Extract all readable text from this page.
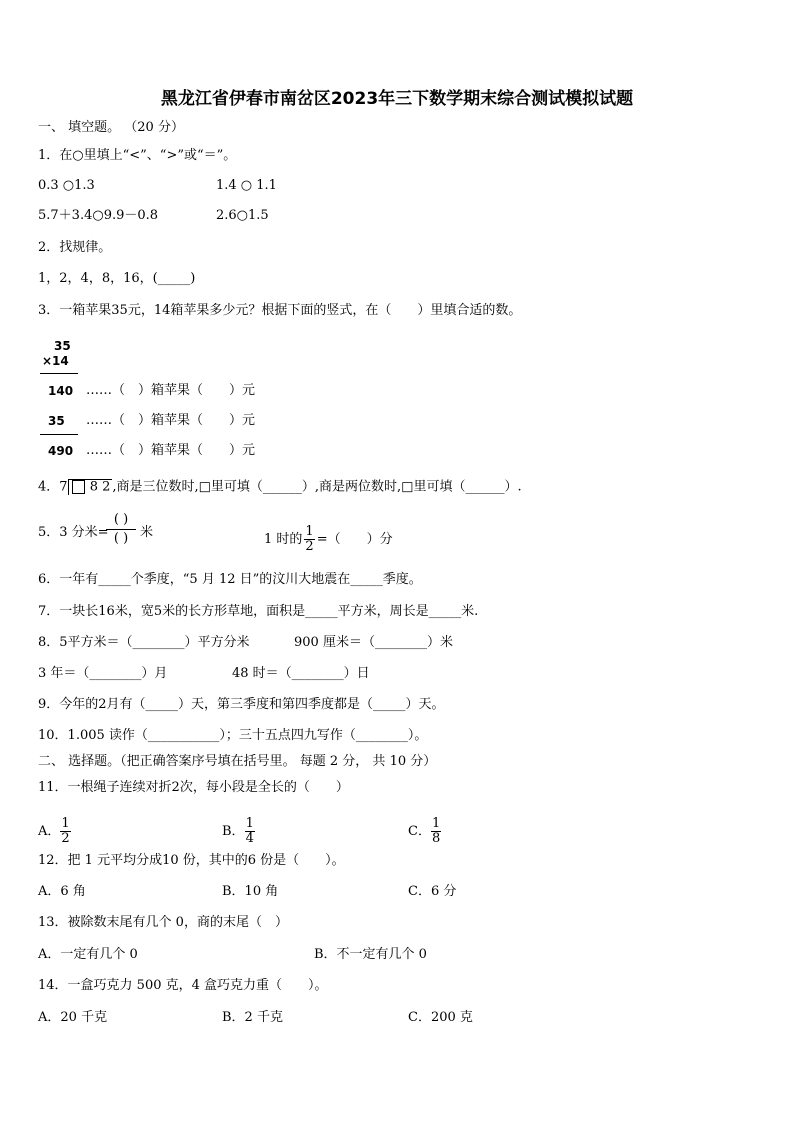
黑龙江省伊春市南岔区2023年三下数学期末综合测试模拟试题
一、 填空题。 （20 分）
1．在○里填上“<”、“>”或“＝”。
0.3 ○1.3	1.4 ○ 1.1
5.7＋3.4○9.9－0.8	2.6○1.5
2．找规律。
1，2，4，8，16，(_____)
3．一箱苹果35元，14箱苹果多少元？根据下面的竖式，在（　　）里填合适的数。
35
×14
140 ……（　）箱苹果（　　）元
35 ……（　）箱苹果（　　）元
490 ……（　）箱苹果（　　）元
4．7 8 2 ,商是三位数时,□里可填（______）,商是两位数时,□里可填（______）.
5．3 分米=
( )
( ) 米	1 时的 $\frac{1}{2}$ =（　　）分
6．一年有_____个季度，“5 月 12 日”的汶川大地震在_____季度。
7．一块长16米，宽5米的长方形草地，面积是_____平方米，周长是_____米.
8．5平方米＝（________）平方分米	900 厘米＝（________）米
3 年＝（________）月	48 时＝（________）日
9．今年的2月有（_____）天，第三季度和第四季度都是（_____）天。
10．1.005 读作（___________）；三十五点四九写作（________）。
二、 选择题。（把正确答案序号填在括号里。 每题 2 分， 共 10 分）
11．一根绳子连续对折2次，每小段是全长的（　　）
A． $\frac{1}{2}$	B． $\frac{1}{4}$	C． $\frac{1}{8}$
12．把 1 元平均分成10 份，其中的6 份是（　　）。
A．6 角	B．10 角	C．6 分
13．被除数末尾有几个 0，商的末尾（　）
A．一定有几个 0	B．不一定有几个 0
14．一盒巧克力 500 克，4 盒巧克力重（　　）。
A．20 千克	B．2 千克	C．200 克
